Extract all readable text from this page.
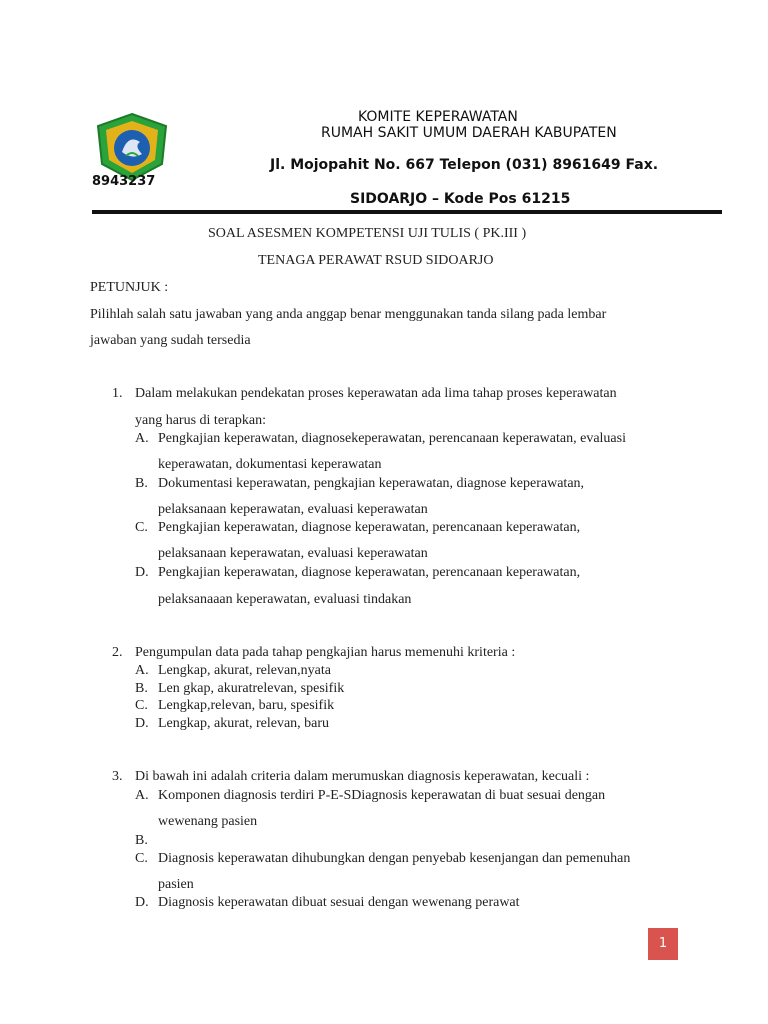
KOMITE KEPERAWATAN
RUMAH SAKIT UMUM DAERAH KABUPATEN
Jl. Mojopahit No. 667 Telepon (031) 8961649 Fax.
8943237
SIDOARJO – Kode Pos 61215
SOAL ASESMEN KOMPETENSI UJI TULIS ( PK.III )
TENAGA PERAWAT RSUD SIDOARJO
PETUNJUK :
Pilihlah salah satu jawaban yang anda anggap benar menggunakan tanda silang pada lembar
jawaban yang sudah tersedia
1. Dalam melakukan pendekatan proses keperawatan ada lima tahap proses keperawatan
yang harus di terapkan:
A. Pengkajian keperawatan, diagnosekeperawatan, perencanaan keperawatan, evaluasi
keperawatan, dokumentasi keperawatan
B. Dokumentasi keperawatan, pengkajian keperawatan, diagnose keperawatan,
pelaksanaan keperawatan, evaluasi keperawatan
C. Pengkajian keperawatan, diagnose keperawatan, perencanaan keperawatan,
pelaksanaan keperawatan, evaluasi keperawatan
D. Pengkajian keperawatan, diagnose keperawatan, perencanaan keperawatan,
pelaksanaaan keperawatan, evaluasi tindakan
2. Pengumpulan data pada tahap pengkajian harus memenuhi kriteria :
A. Lengkap, akurat, relevan,nyata
B. Len gkap, akuratrelevan, spesifik
C. Lengkap,relevan, baru, spesifik
D. Lengkap, akurat, relevan, baru
3. Di bawah ini adalah criteria dalam merumuskan diagnosis keperawatan, kecuali :
A. Komponen diagnosis terdiri P-E-SDiagnosis keperawatan di buat sesuai dengan
wewenang pasien
B.
C. Diagnosis keperawatan dihubungkan dengan penyebab kesenjangan dan pemenuhan
pasien
D. Diagnosis keperawatan dibuat sesuai dengan wewenang perawat
1
